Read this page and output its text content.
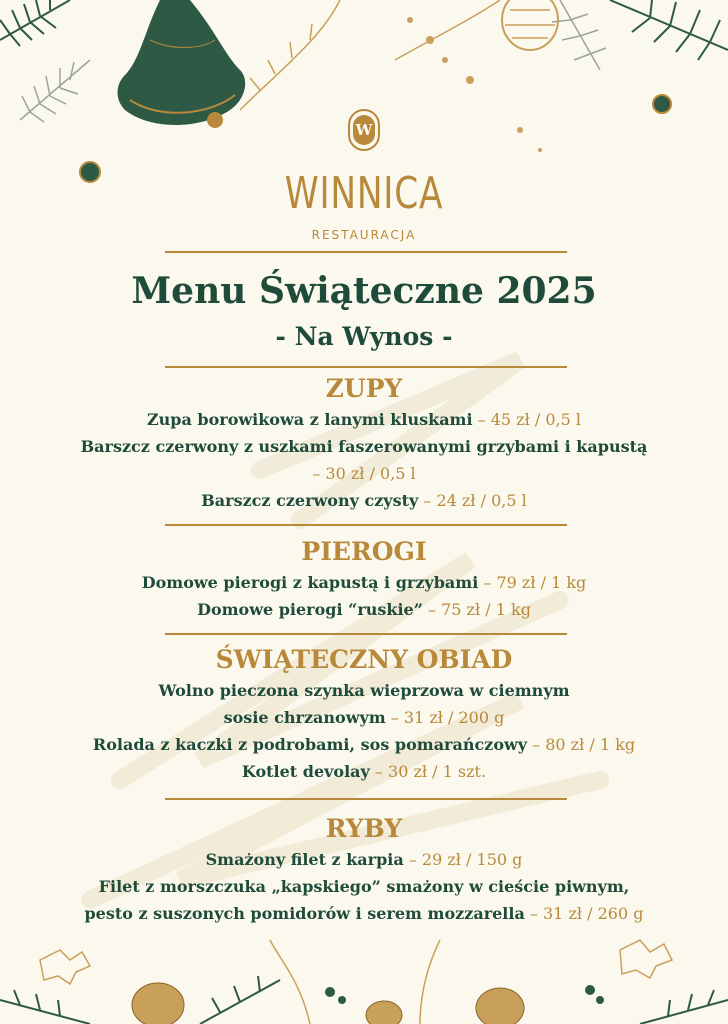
W
WINNICA
RESTAURACJA
Menu Świąteczne 2025
- Na Wynos -
ZUPY
Zupa borowikowa z lanymi kluskami – 45 zł / 0,5 l
Barszcz czerwony z uszkami faszerowanymi grzybami i kapustą
– 30 zł / 0,5 l
Barszcz czerwony czysty – 24 zł / 0,5 l
PIEROGI
Domowe pierogi z kapustą i grzybami – 79 zł / 1 kg
Domowe pierogi “ruskie” – 75 zł / 1 kg
ŚWIĄTECZNY OBIAD
Wolno pieczona szynka wieprzowa w ciemnym
sosie chrzanowym – 31 zł / 200 g
Rolada z kaczki z podrobami, sos pomarańczowy – 80 zł / 1 kg
Kotlet devolay – 30 zł / 1 szt.
RYBY
Smażony filet z karpia – 29 zł / 150 g
Filet z morszczuka „kapskiego” smażony w cieście piwnym,
pesto z suszonych pomidorów i serem mozzarella – 31 zł / 260 g
